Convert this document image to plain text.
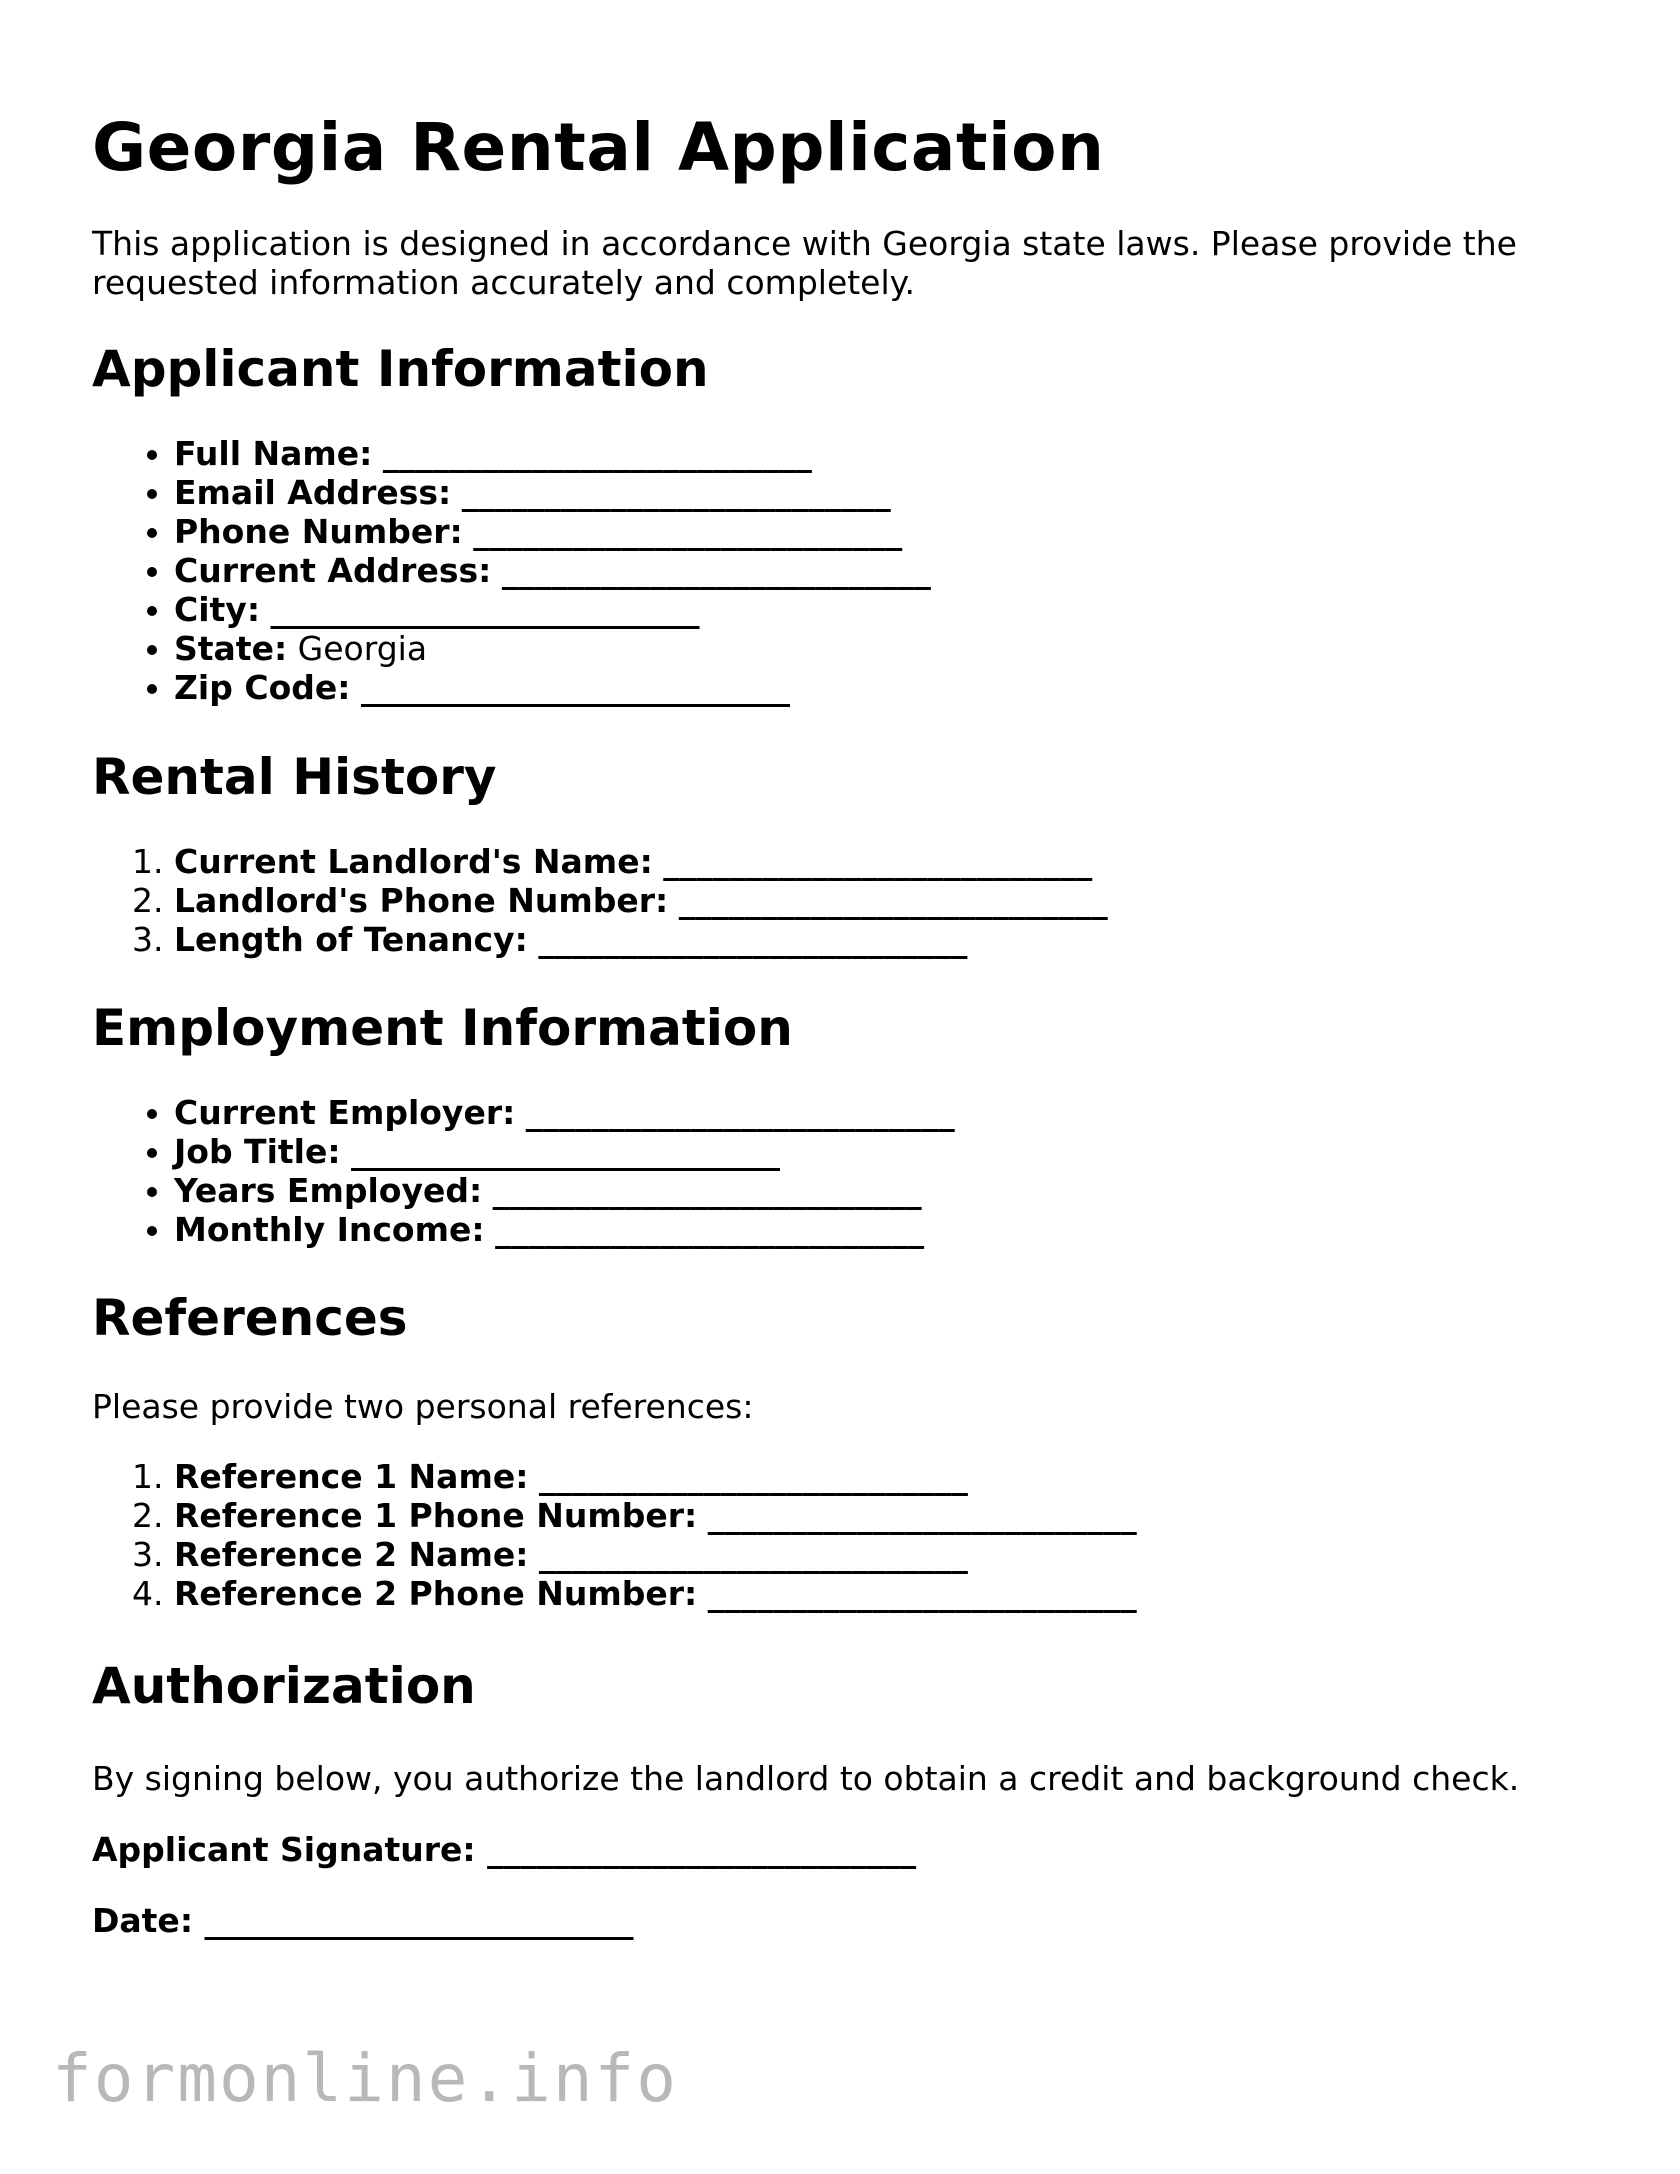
Georgia Rental Application

This application is designed in accordance with Georgia state laws. Please provide the requested information accurately and completely.

Applicant Information
• Full Name: __________________________
• Email Address: __________________________
• Phone Number: __________________________
• Current Address: __________________________
• City: __________________________
• State: Georgia
• Zip Code: __________________________
Rental History
1. Current Landlord's Name: __________________________
2. Landlord's Phone Number: __________________________
3. Length of Tenancy: __________________________
Employment Information
• Current Employer: __________________________
• Job Title: __________________________
• Years Employed: __________________________
• Monthly Income: __________________________
References

Please provide two personal references:

1. Reference 1 Name: __________________________
2. Reference 1 Phone Number: __________________________
3. Reference 2 Name: __________________________
4. Reference 2 Phone Number: __________________________
Authorization

By signing below, you authorize the landlord to obtain a credit and background check.

Applicant Signature: __________________________

Date: __________________________

formonline.info
